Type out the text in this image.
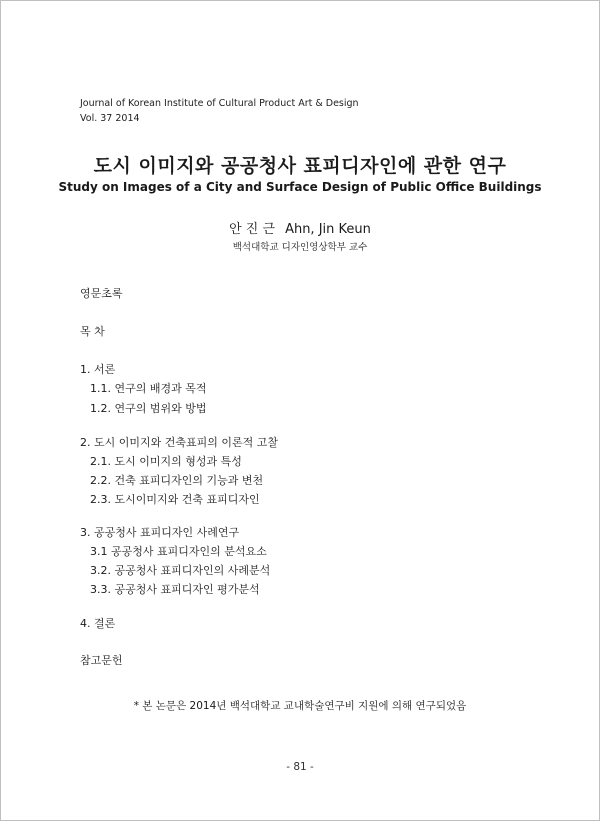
Journal of Korean Institute of Cultural Product Art & Design
Vol. 37 2014
도시 이미지와 공공청사 표피디자인에 관한 연구
Study on Images of a City and Surface Design of Public Office Buildings
안 진 근 Ahn, Jin Keun
백석대학교 디자인영상학부 교수
영문초록
목 차
1. 서론
1.1. 연구의 배경과 목적
1.2. 연구의 범위와 방법
2. 도시 이미지와 건축표피의 이론적 고찰
2.1. 도시 이미지의 형성과 특성
2.2. 건축 표피디자인의 기능과 변천
2.3. 도시이미지와 건축 표피디자인
3. 공공청사 표피디자인 사례연구
3.1 공공청사 표피디자인의 분석요소
3.2. 공공청사 표피디자인의 사례분석
3.3. 공공청사 표피디자인 평가분석
4. 결론
참고문헌
* 본 논문은 2014년 백석대학교 교내학술연구비 지원에 의해 연구되었음
- 81 -
